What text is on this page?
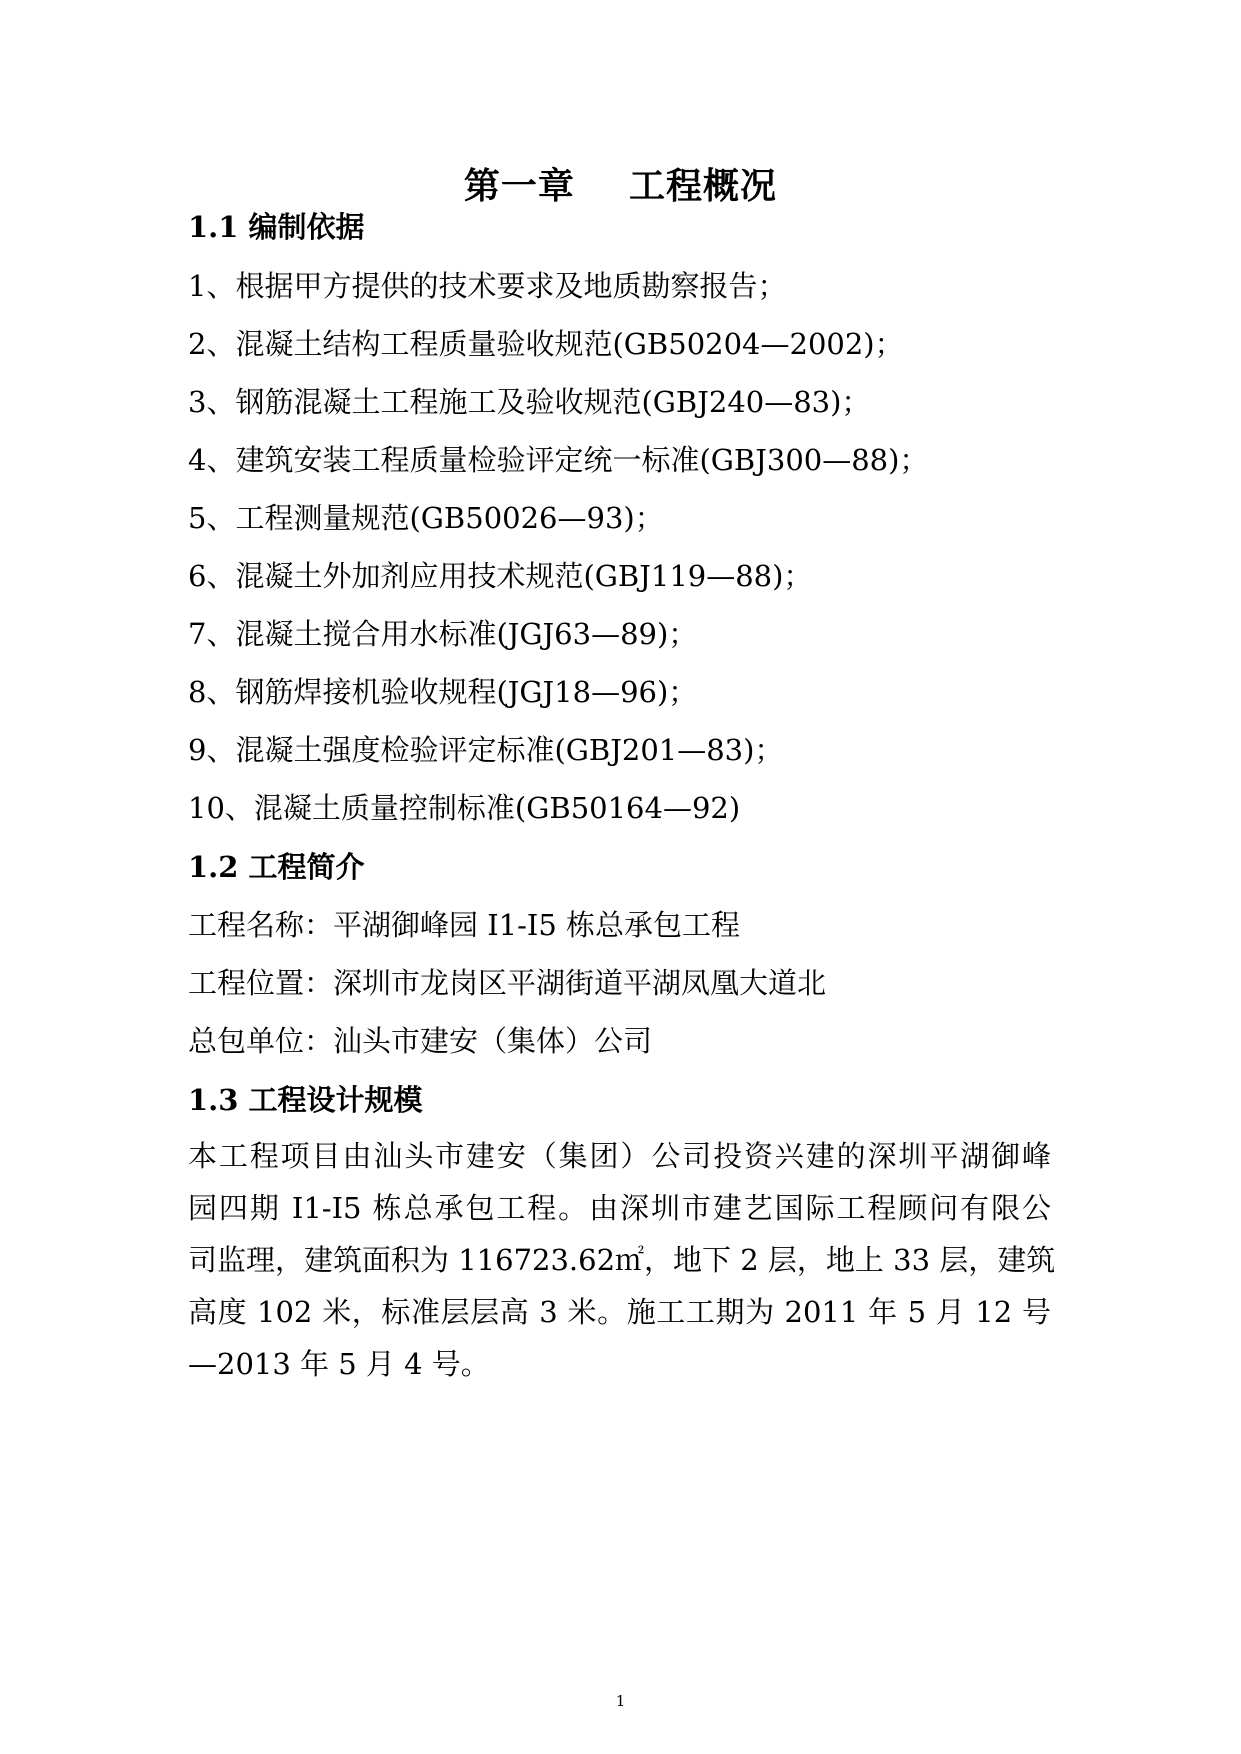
第一章    工程概况
1.1 编制依据
1、根据甲方提供的技术要求及地质勘察报告；
2、混凝土结构工程质量验收规范(GB50204—2002)；
3、钢筋混凝土工程施工及验收规范(GBJ240—83)；
4、建筑安装工程质量检验评定统一标准(GBJ300—88)；
5、工程测量规范(GB50026—93)；
6、混凝土外加剂应用技术规范(GBJ119—88)；
7、混凝土搅合用水标准(JGJ63—89)；
8、钢筋焊接机验收规程(JGJ18—96)；
9、混凝土强度检验评定标准(GBJ201—83)；
10、混凝土质量控制标准(GB50164—92)
1.2 工程简介
工程名称：平湖御峰园 I1-I5 栋总承包工程
工程位置：深圳市龙岗区平湖街道平湖凤凰大道北
总包单位：汕头市建安（集体）公司
1.3 工程设计规模

本工程项目由汕头市建安（集团）公司投资兴建的深圳平湖御峰

园四期 I1-I5 栋总承包工程。由深圳市建艺国际工程顾问有限公

司监理，建筑面积为 116723.62㎡，地下 2 层，地上 33 层，建筑

高度 102 米，标准层层高 3 米。施工工期为 2011 年 5 月 12 号

—2013 年 5 月 4 号。

1
